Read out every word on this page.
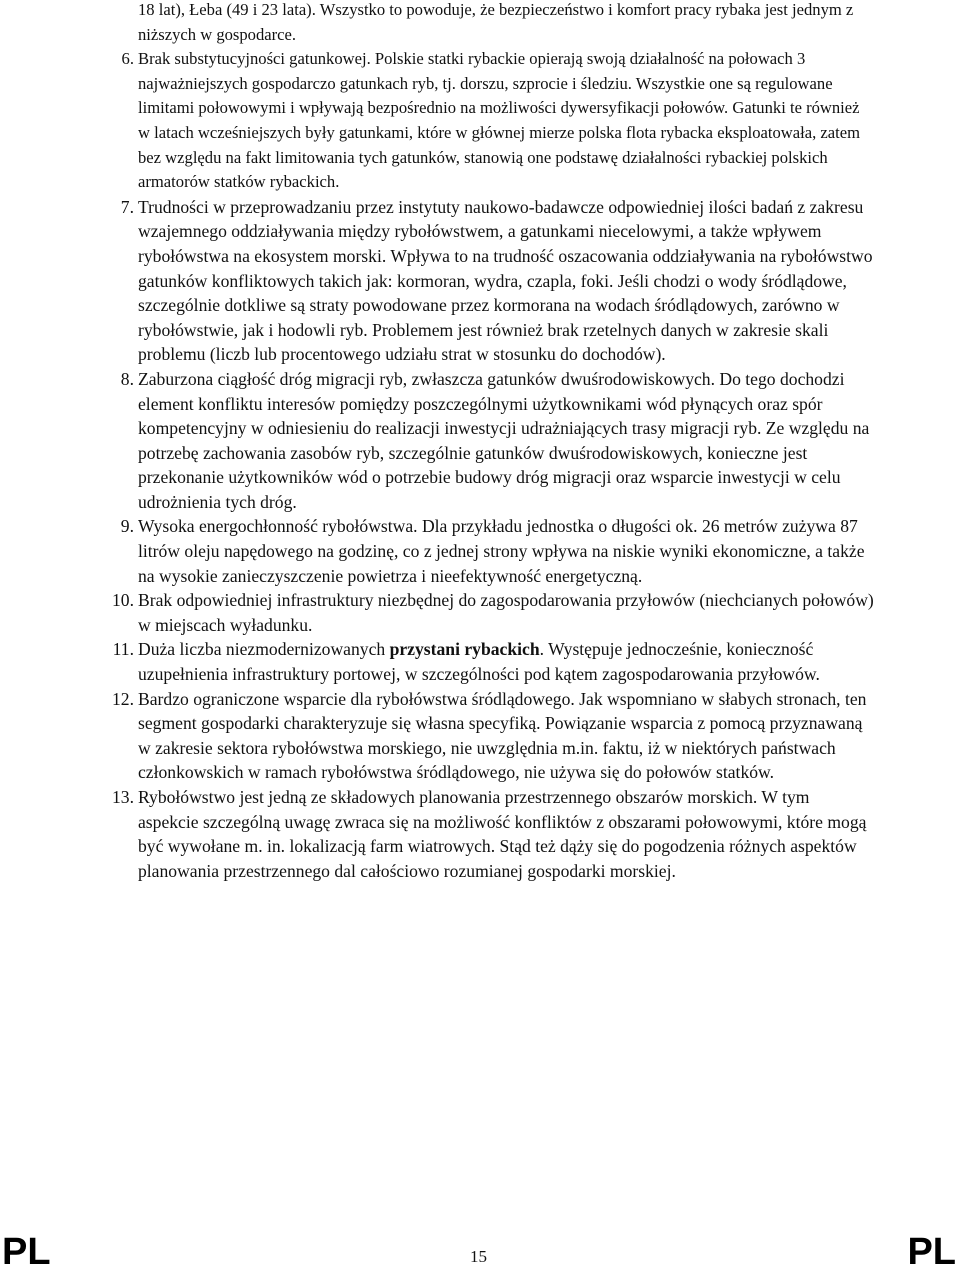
18 lat), Łeba (49 i 23 lata). Wszystko to powoduje, że bezpieczeństwo i komfort pracy rybaka jest jednym z niższych w gospodarce.
6. Brak substytucyjności gatunkowej. Polskie statki rybackie opierają swoją działalność na połowach 3 najważniejszych gospodarczo gatunkach ryb, tj. dorszu, szprocie i śledziu. Wszystkie one są regulowane limitami połowowymi i wpływają bezpośrednio na możliwości dywersyfikacji połowów. Gatunki te również w latach wcześniejszych były gatunkami, które w głównej mierze polska flota rybacka eksploatowała, zatem bez względu na fakt limitowania tych gatunków, stanowią one podstawę działalności rybackiej polskich armatorów statków rybackich.
7. Trudności w przeprowadzaniu przez instytuty naukowo-badawcze odpowiedniej ilości badań z zakresu wzajemnego oddziaływania między rybołówstwem, a gatunkami niecelowymi, a także wpływem rybołówstwa na ekosystem morski. Wpływa to na trudność oszacowania oddziaływania na rybołówstwo gatunków konfliktowych takich jak: kormoran, wydra, czapla, foki. Jeśli chodzi o wody śródlądowe, szczególnie dotkliwe są straty powodowane przez kormorana na wodach śródlądowych, zarówno w rybołówstwie, jak i hodowli ryb. Problemem jest również brak rzetelnych danych w zakresie skali problemu (liczb lub procentowego udziału strat w stosunku do dochodów).
8. Zaburzona ciągłość dróg migracji ryb, zwłaszcza gatunków dwuśrodowiskowych. Do tego dochodzi element konfliktu interesów pomiędzy poszczególnymi użytkownikami wód płynących oraz spór kompetencyjny w odniesieniu do realizacji inwestycji udrażniających trasy migracji ryb. Ze względu na potrzebę zachowania zasobów ryb, szczególnie gatunków dwuśrodowiskowych, konieczne jest przekonanie użytkowników wód o potrzebie budowy dróg migracji oraz wsparcie inwestycji w celu udrożnienia tych dróg.
9. Wysoka energochłonność rybołówstwa. Dla przykładu jednostka o długości ok. 26 metrów zużywa 87 litrów oleju napędowego na godzinę, co z jednej strony wpływa na niskie wyniki ekonomiczne, a także na wysokie zanieczyszczenie powietrza i nieefektywność energetyczną.
10. Brak odpowiedniej infrastruktury niezbędnej do zagospodarowania przyłowów (niechcianych połowów) w miejscach wyładunku.
11. Duża liczba niezmodernizowanych przystani rybackich. Występuje jednocześnie, konieczność uzupełnienia infrastruktury portowej, w szczególności pod kątem zagospodarowania przyłowów.
12. Bardzo ograniczone wsparcie dla rybołówstwa śródlądowego. Jak wspomniano w słabych stronach, ten segment gospodarki charakteryzuje się własna specyfiką. Powiązanie wsparcia z pomocą przyznawaną w zakresie sektora rybołówstwa morskiego, nie uwzględnia m.in. faktu, iż w niektórych państwach członkowskich w ramach rybołówstwa śródlądowego, nie używa się do połowów statków.
13. Rybołówstwo jest jedną ze składowych planowania przestrzennego obszarów morskich. W tym aspekcie szczególną uwagę zwraca się na możliwość konfliktów z obszarami połowowymi, które mogą być wywołane m. in. lokalizacją farm wiatrowych. Stąd też dąży się do pogodzenia różnych aspektów planowania przestrzennego dal całościowo rozumianej gospodarki morskiej.
PL	15	PL
